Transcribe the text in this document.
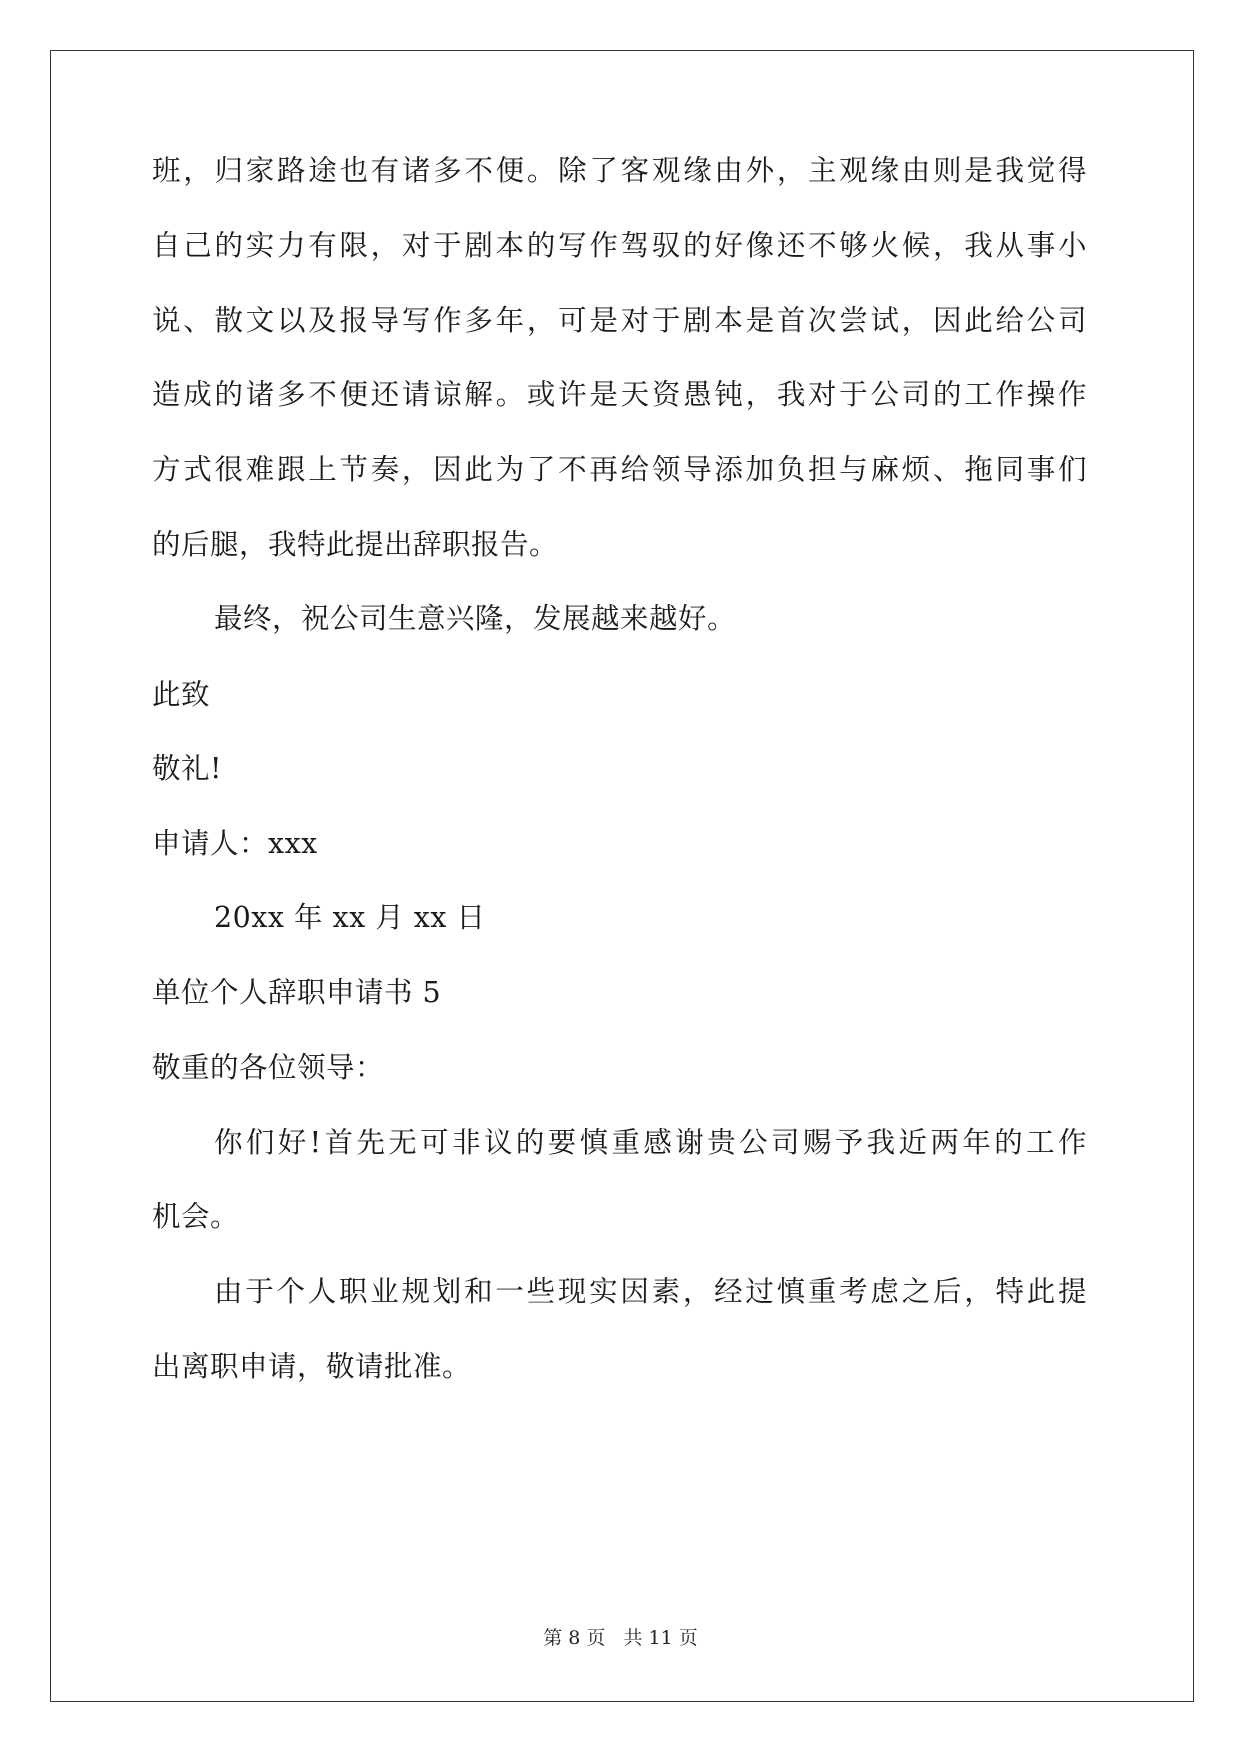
班，归家路途也有诸多不便。除了客观缘由外，主观缘由则是我觉得
自己的实力有限，对于剧本的写作驾驭的好像还不够火候，我从事小
说、散文以及报导写作多年，可是对于剧本是首次尝试，因此给公司
造成的诸多不便还请谅解。或许是天资愚钝，我对于公司的工作操作
方式很难跟上节奏，因此为了不再给领导添加负担与麻烦、拖同事们
的后腿，我特此提出辞职报告。
最终，祝公司生意兴隆，发展越来越好。
此致
敬礼!
申请人：xxx
20xx 年 xx 月 xx 日
单位个人辞职申请书 5
敬重的各位领导：
你们好!首先无可非议的要慎重感谢贵公司赐予我近两年的工作
机会。
由于个人职业规划和一些现实因素，经过慎重考虑之后，特此提
出离职申请，敬请批准。
第 8 页   共 11 页
